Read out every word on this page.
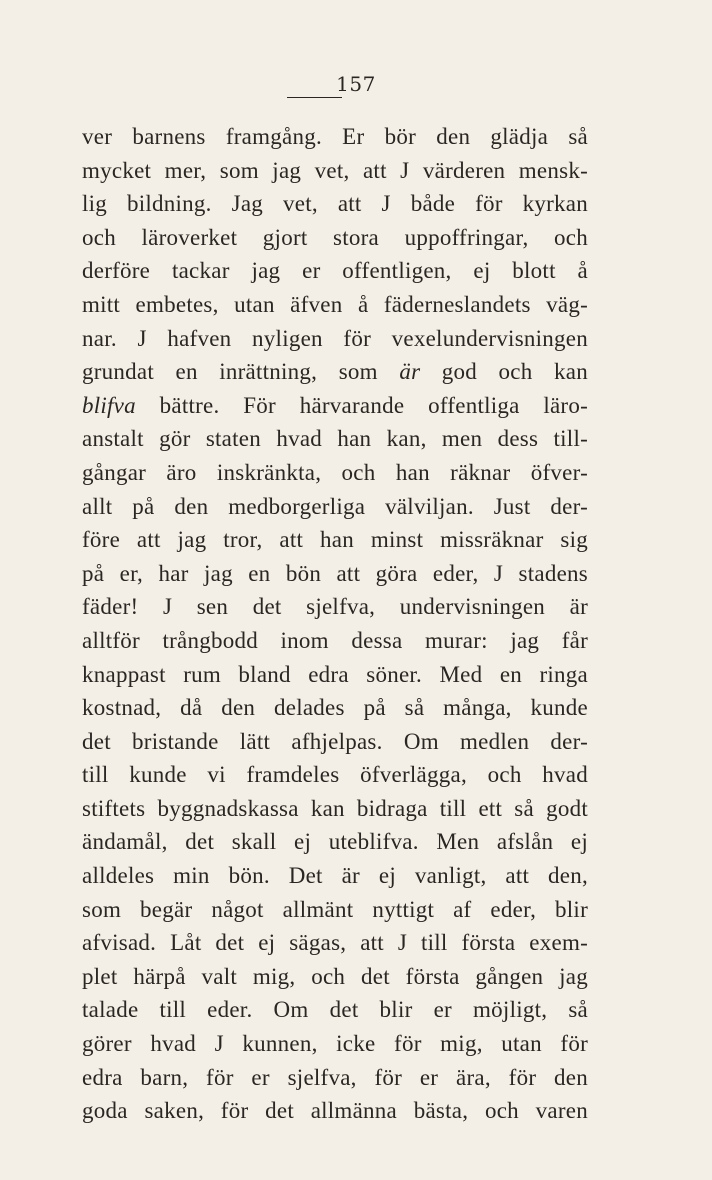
157
ver barnens framgång. Er bör den glädja så
mycket mer, som jag vet, att J värderen mensk-
lig bildning. Jag vet, att J både för kyrkan
och läroverket gjort stora uppoffringar, och
derföre tackar jag er offentligen, ej blott å
mitt embetes, utan äfven å fäderneslandets väg-
nar. J hafven nyligen för vexelundervisningen
grundat en inrättning, som är god och kan
blifva bättre. För härvarande offentliga läro-
anstalt gör staten hvad han kan, men dess till-
gångar äro inskränkta, och han räknar öfver-
allt på den medborgerliga välviljan. Just der-
före att jag tror, att han minst missräknar sig
på er, har jag en bön att göra eder, J stadens
fäder! J sen det sjelfva, undervisningen är
alltför trångbodd inom dessa murar: jag får
knappast rum bland edra söner. Med en ringa
kostnad, då den delades på så många, kunde
det bristande lätt afhjelpas. Om medlen der-
till kunde vi framdeles öfverlägga, och hvad
stiftets byggnadskassa kan bidraga till ett så godt
ändamål, det skall ej uteblifva. Men afslån ej
alldeles min bön. Det är ej vanligt, att den,
som begär något allmänt nyttigt af eder, blir
afvisad. Låt det ej sägas, att J till första exem-
plet härpå valt mig, och det första gången jag
talade till eder. Om det blir er möjligt, så
görer hvad J kunnen, icke för mig, utan för
edra barn, för er sjelfva, för er ära, för den
goda saken, för det allmänna bästa, och varen
